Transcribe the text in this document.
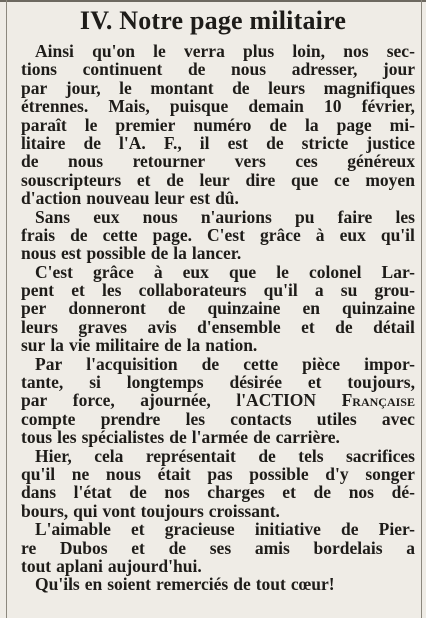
IV. Notre page militaire
Ainsi qu'on le verra plus loin, nos sec-
tions continuent de nous adresser, jour
par jour, le montant de leurs magnifiques
étrennes. Mais, puisque demain 10 février,
paraît le premier numéro de la page mi-
litaire de l'A. F., il est de stricte justice
de nous retourner vers ces généreux
souscripteurs et de leur dire que ce moyen
d'action nouveau leur est dû.
Sans eux nous n'aurions pu faire les
frais de cette page. C'est grâce à eux qu'il
nous est possible de la lancer.
C'est grâce à eux que le colonel Lar-
pent et les collaborateurs qu'il a su grou-
per donneront de quinzaine en quinzaine
leurs graves avis d'ensemble et de détail
sur la vie militaire de la nation.
Par l'acquisition de cette pièce impor-
tante, si longtemps désirée et toujours,
par force, ajournée, l'ACTION Française
compte prendre les contacts utiles avec
tous les spécialistes de l'armée de carrière.
Hier, cela représentait de tels sacrifices
qu'il ne nous était pas possible d'y songer
dans l'état de nos charges et de nos dé-
bours, qui vont toujours croissant.
L'aimable et gracieuse initiative de Pier-
re Dubos et de ses amis bordelais a
tout aplani aujourd'hui.
Qu'ils en soient remerciés de tout cœur!
